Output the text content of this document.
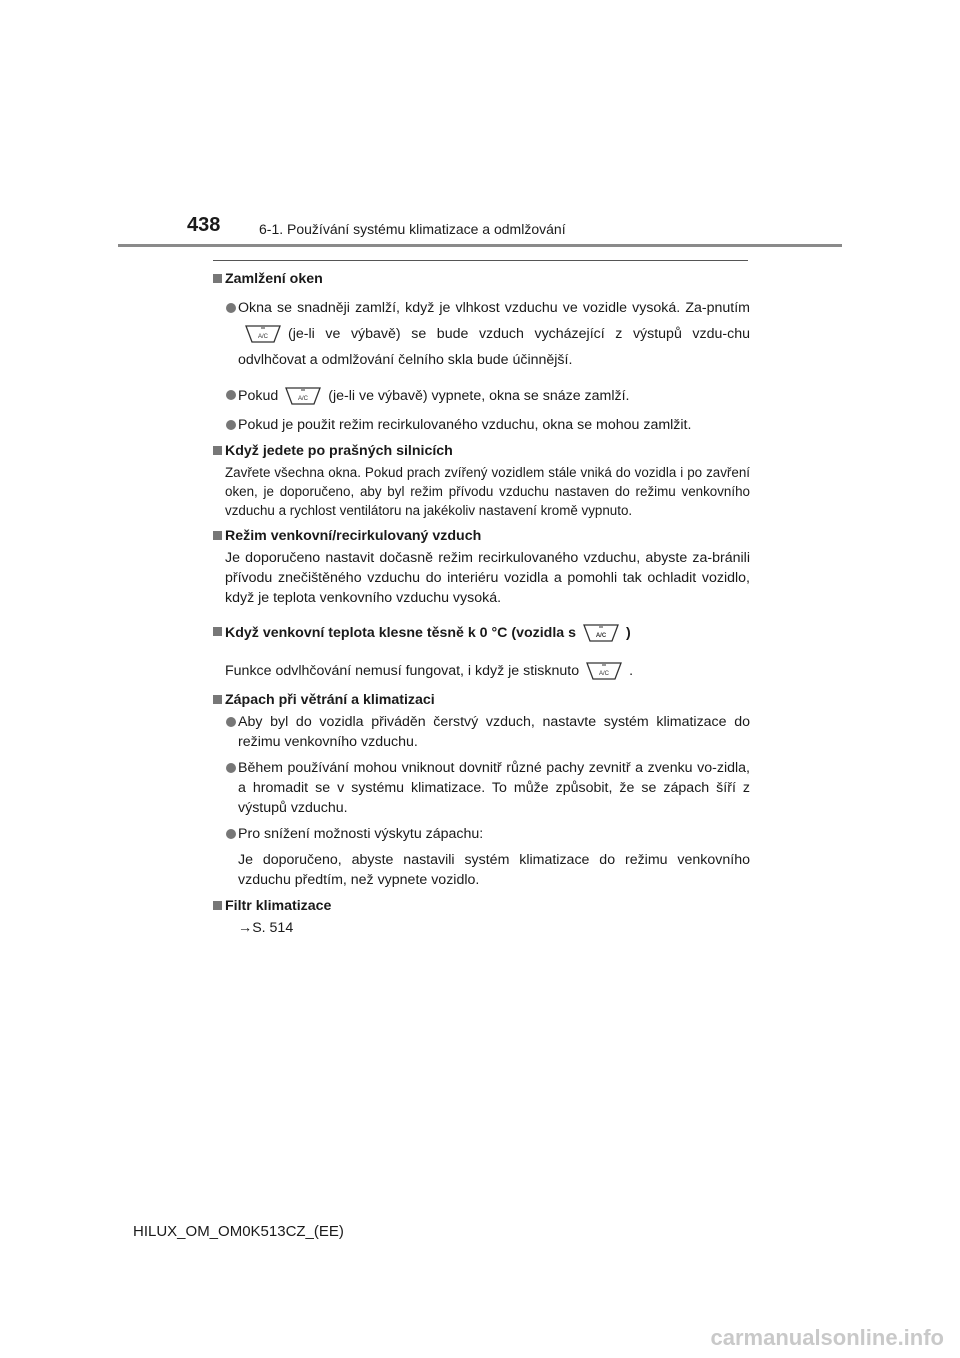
438	6-1. Používání systému klimatizace a odmlžování
Zamlžení oken
Okna se snadněji zamlží, když je vlhkost vzduchu ve vozidle vysoká. Za-pnutím
A/C (je-li ve výbavě) se bude vzduch vycházející z výstupů vzdu-chu odvlhčovat a odmlžování čelního skla bude účinnější.
Pokud	A/C (je-li ve výbavě) vypnete, okna se snáze zamlží.
Pokud je použit režim recirkulovaného vzduchu, okna se mohou zamlžit.
Když jedete po prašných silnicích
Zavřete všechna okna. Pokud prach zvířený vozidlem stále vniká do vozidla i po zavření oken, je doporučeno, aby byl režim přívodu vzduchu nastaven do režimu venkovního vzduchu a rychlost ventilátoru na jakékoliv nastavení kromě vypnuto.
Režim venkovní/recirkulovaný vzduch
Je doporučeno nastavit dočasně režim recirkulovaného vzduchu, abyste za-bránili přívodu znečištěného vzduchu do interiéru vozidla a pomohli tak ochladit vozidlo, když je teplota venkovního vzduchu vysoká.
Když venkovní teplota klesne těsně k 0 °C (vozidla s	A/C )
Funkce odvlhčování nemusí fungovat, i když je stisknuto	A/C .
Zápach při větrání a klimatizaci
Aby byl do vozidla přiváděn čerstvý vzduch, nastavte systém klimatizace do režimu venkovního vzduchu.
Během používání mohou vniknout dovnitř různé pachy zevnitř a zvenku vo-zidla, a hromadit se v systému klimatizace. To může způsobit, že se zápach šíří z výstupů vzduchu.
Pro snížení možnosti výskytu zápachu:
Je doporučeno, abyste nastavili systém klimatizace do režimu venkovního vzduchu předtím, než vypnete vozidlo.
Filtr klimatizace
→S. 514
HILUX_OM_OM0K513CZ_(EE)
carmanualsonline.info
